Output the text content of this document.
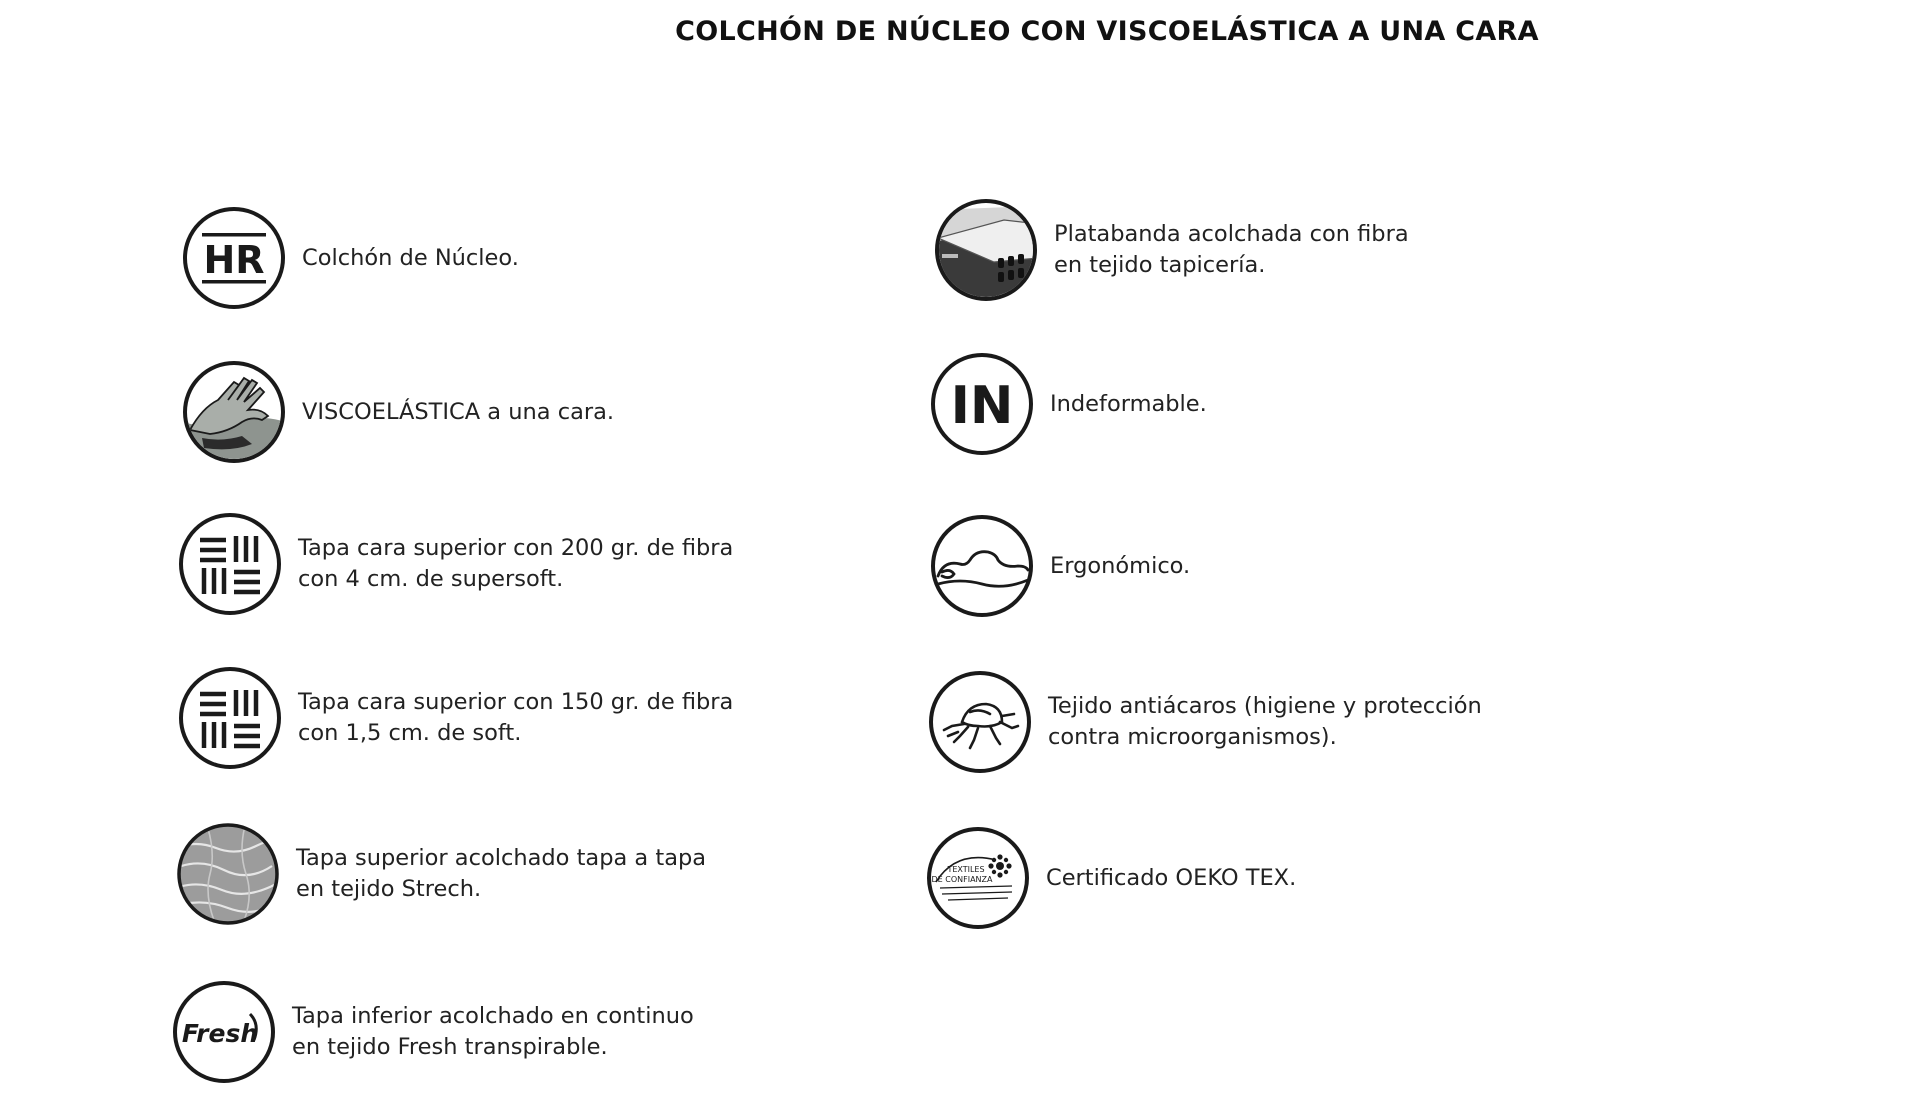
COLCHÓN DE NÚCLEO CON VISCOELÁSTICA A UNA CARA
HR Colchón de Núcleo.
VISCOELÁSTICA a una cara.
Tapa cara superior con 200 gr. de fibra
con 4 cm. de supersoft.
Tapa cara superior con 150 gr. de fibra
con 1,5 cm. de soft.
Tapa superior acolchado tapa a tapa
en tejido Strech.
Fresh
Tapa inferior acolchado en continuo
en tejido Fresh transpirable.
Platabanda acolchada con fibra
en tejido tapicería.
IN Indeformable.
Ergonómico.
Tejido antiácaros (higiene y protección
contra microorganismos).
TEXTILES
DE CONFIANZA Certificado OEKO TEX.
